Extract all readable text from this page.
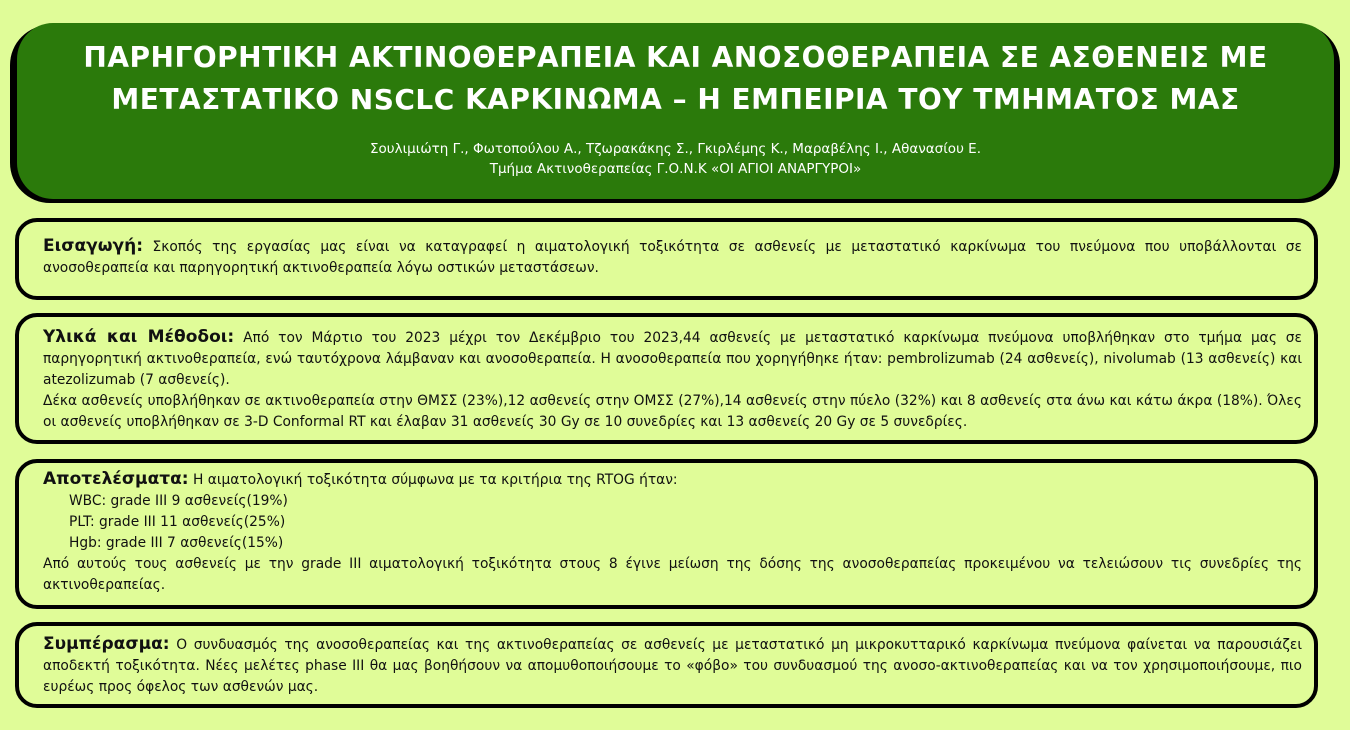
ΠΑΡΗΓΟΡΗΤΙΚΗ ΑΚΤΙΝΟΘΕΡΑΠΕΙΑ ΚΑΙ ΑΝΟΣΟΘΕΡΑΠΕΙΑ ΣΕ ΑΣΘΕΝΕΙΣ ΜΕ
ΜΕΤΑΣΤΑΤΙΚΟ NSCLC ΚΑΡΚΙΝΩΜΑ – Η ΕΜΠΕΙΡΙΑ ΤΟΥ ΤΜΗΜΑΤΟΣ ΜΑΣ
Σουλιμιώτη Γ., Φωτοπούλου Α., Τζωρακάκης Σ., Γκιρλέμης Κ., Μαραβέλης Ι., Αθανασίου Ε.
Τμήμα Ακτινοθεραπείας Γ.Ο.Ν.Κ «ΟΙ ΑΓΙΟΙ ΑΝΑΡΓΥΡΟΙ»

Εισαγωγή: Σκοπός της εργασίας μας είναι να καταγραφεί η αιματολογική τοξικότητα σε ασθενείς με μεταστατικό καρκίνωμα του πνεύμονα που υποβάλλονται σε ανοσοθεραπεία και παρηγορητική ακτινοθεραπεία λόγω οστικών μεταστάσεων.

Υλικά και Μέθοδοι: Από τον Μάρτιο του 2023 μέχρι τον Δεκέμβριο του 2023,44 ασθενείς με μεταστατικό καρκίνωμα πνεύμονα υποβλήθηκαν στο τμήμα μας σε παρηγορητική ακτινοθεραπεία, ενώ ταυτόχρονα λάμβαναν και ανοσοθεραπεία. Η ανοσοθεραπεία που χορηγήθηκε ήταν: pembrolizumab (24 ασθενείς), nivolumab (13 ασθενείς) και atezolizumab (7 ασθενείς).

Δέκα ασθενείς υποβλήθηκαν σε ακτινοθεραπεία στην ΘΜΣΣ (23%),12 ασθενείς στην ΟΜΣΣ (27%),14 ασθενείς στην πύελο (32%) και 8 ασθενείς στα άνω και κάτω άκρα (18%). Όλες οι ασθενείς υποβλήθηκαν σε 3-D Conformal RT και έλαβαν 31 ασθενείς 30 Gy σε 10 συνεδρίες και 13 ασθενείς 20 Gy σε 5 συνεδρίες.

Αποτελέσματα: Η αιματολογική τοξικότητα σύμφωνα με τα κριτήρια της RTOG ήταν:

WBC: grade III 9 ασθενείς(19%)
PLT: grade III 11 ασθενείς(25%)
Hgb: grade III 7 ασθενείς(15%)

Από αυτούς τους ασθενείς με την grade III αιματολογική τοξικότητα στους 8 έγινε μείωση της δόσης της ανοσοθεραπείας προκειμένου να τελειώσουν τις συνεδρίες της ακτινοθεραπείας.

Συμπέρασμα: Ο συνδυασμός της ανοσοθεραπείας και της ακτινοθεραπείας σε ασθενείς με μεταστατικό μη μικροκυτταρικό καρκίνωμα πνεύμονα φαίνεται να παρουσιάζει αποδεκτή τοξικότητα. Νέες μελέτες phase III θα μας βοηθήσουν να απομυθοποιήσουμε το «φόβο» του συνδυασμού της ανοσο-ακτινοθεραπείας και να τον χρησιμοποιήσουμε, πιο ευρέως προς όφελος των ασθενών μας.
